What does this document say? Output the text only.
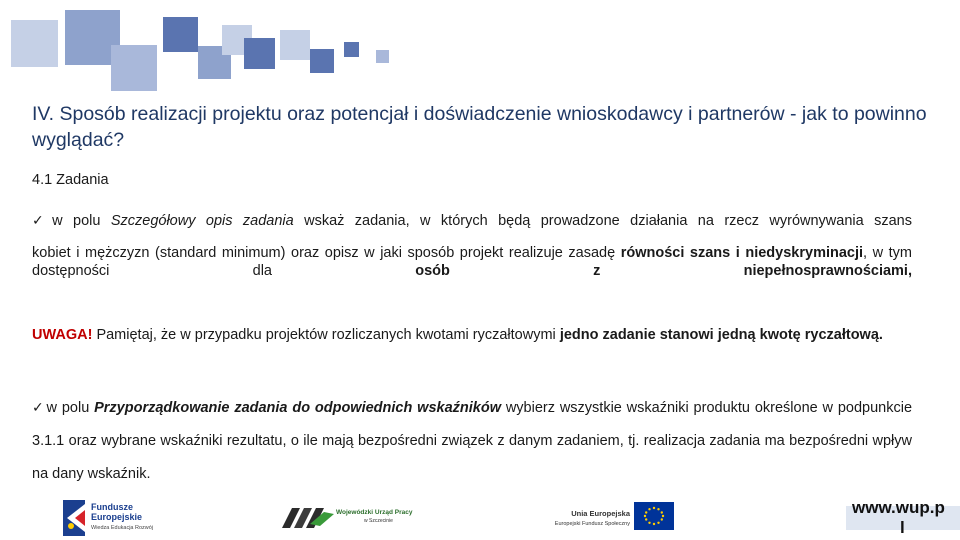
IV. Sposób realizacji projektu oraz potencjał i doświadczenie wnioskodawcy i partnerów - jak to powinno wyglądać?

4.1 Zadania

✓ w polu Szczegółowy opis zadania wskaż zadania, w których będą prowadzone działania na rzecz wyrównywania szans
kobiet i mężczyzn (standard minimum) oraz opisz w jaki sposób projekt realizuje zasadę równości szans i niedyskryminacji, w tym dostępności dla osób z niepełnosprawnościami,
UWAGA! Pamiętaj, że w przypadku projektów rozliczanych kwotami ryczałtowymi jedno zadanie stanowi jedną kwotę ryczałtową.
✓ w polu Przyporządkowanie zadania do odpowiednich wskaźników wybierz wszystkie wskaźniki produktu określone w podpunkcie 3.1.1 oraz wybrane wskaźniki rezultatu, o ile mają bezpośredni związek z danym zadaniem, tj. realizacja zadania ma bezpośredni wpływ na dany wskaźnik.
Fundusze
Europejskie
Wiedza Edukacja Rozwój
Wojewódzki Urząd Pracy
w Szczecinie
Unia Europejska
Europejski Fundusz Społeczny
www.wup.p
l
